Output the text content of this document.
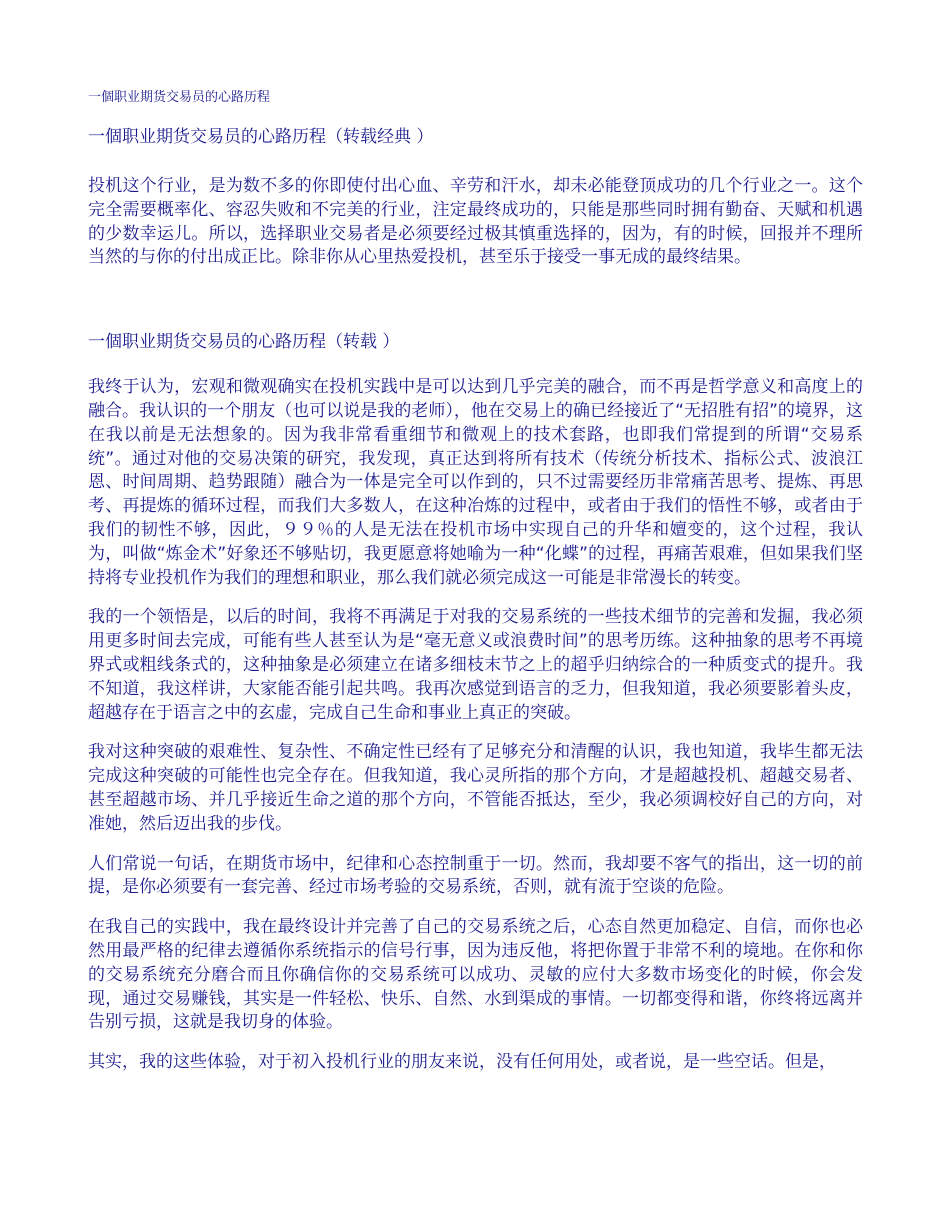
一個职业期货交易员的心路历程
一個职业期货交易员的心路历程（转载经典 ）

投机这个行业，是为数不多的你即使付出心血、辛劳和汗水，却未必能登顶成功的几个行业之一。这个完全需要概率化、容忍失败和不完美的行业，注定最终成功的，只能是那些同时拥有勤奋、天赋和机遇的少数幸运儿。所以，选择职业交易者是必须要经过极其慎重选择的，因为，有的时候，回报并不理所当然的与你的付出成正比。除非你从心里热爱投机，甚至乐于接受一事无成的最终结果。

一個职业期货交易员的心路历程（转载 ）

我终于认为，宏观和微观确实在投机实践中是可以达到几乎完美的融合，而不再是哲学意义和高度上的融合。我认识的一个朋友（也可以说是我的老师），他在交易上的确已经接近了“无招胜有招”的境界，这在我以前是无法想象的。因为我非常看重细节和微观上的技术套路，也即我们常提到的所谓“交易系统”。通过对他的交易决策的研究，我发现，真正达到将所有技术（传统分析技术、指标公式、波浪江恩、时间周期、趋势跟随）融合为一体是完全可以作到的，只不过需要经历非常痛苦思考、提炼、再思考、再提炼的循环过程，而我们大多数人，在这种冶炼的过程中，或者由于我们的悟性不够，或者由于我们的韧性不够，因此，９９％的人是无法在投机市场中实现自己的升华和嬗变的，这个过程，我认为，叫做“炼金术”好象还不够贴切，我更愿意将她喻为一种“化蝶”的过程，再痛苦艰难，但如果我们坚持将专业投机作为我们的理想和职业，那么我们就必须完成这一可能是非常漫长的转变。

我的一个领悟是，以后的时间，我将不再满足于对我的交易系统的一些技术细节的完善和发掘，我必须用更多时间去完成，可能有些人甚至认为是“毫无意义或浪费时间”的思考历练。这种抽象的思考不再境界式或粗线条式的，这种抽象是必须建立在诸多细枝末节之上的超乎归纳综合的一种质变式的提升。我不知道，我这样讲，大家能否能引起共鸣。我再次感觉到语言的乏力，但我知道，我必须要影着头皮，超越存在于语言之中的玄虚，完成自己生命和事业上真正的突破。

我对这种突破的艰难性、复杂性、不确定性已经有了足够充分和清醒的认识，我也知道，我毕生都无法完成这种突破的可能性也完全存在。但我知道，我心灵所指的那个方向，才是超越投机、超越交易者、甚至超越市场、并几乎接近生命之道的那个方向，不管能否抵达，至少，我必须调校好自己的方向，对准她，然后迈出我的步伐。

人们常说一句话，在期货市场中，纪律和心态控制重于一切。然而，我却要不客气的指出，这一切的前提，是你必须要有一套完善、经过市场考验的交易系统，否则，就有流于空谈的危险。

在我自己的实践中，我在最终设计并完善了自己的交易系统之后，心态自然更加稳定、自信，而你也必然用最严格的纪律去遵循你系统指示的信号行事，因为违反他，将把你置于非常不利的境地。在你和你的交易系统充分磨合而且你确信你的交易系统可以成功、灵敏的应付大多数市场变化的时候，你会发现，通过交易赚钱，其实是一件轻松、快乐、自然、水到渠成的事情。一切都变得和谐，你终将远离并告别亏损，这就是我切身的体验。

其实，我的这些体验，对于初入投机行业的朋友来说，没有任何用处，或者说，是一些空话。但是，
